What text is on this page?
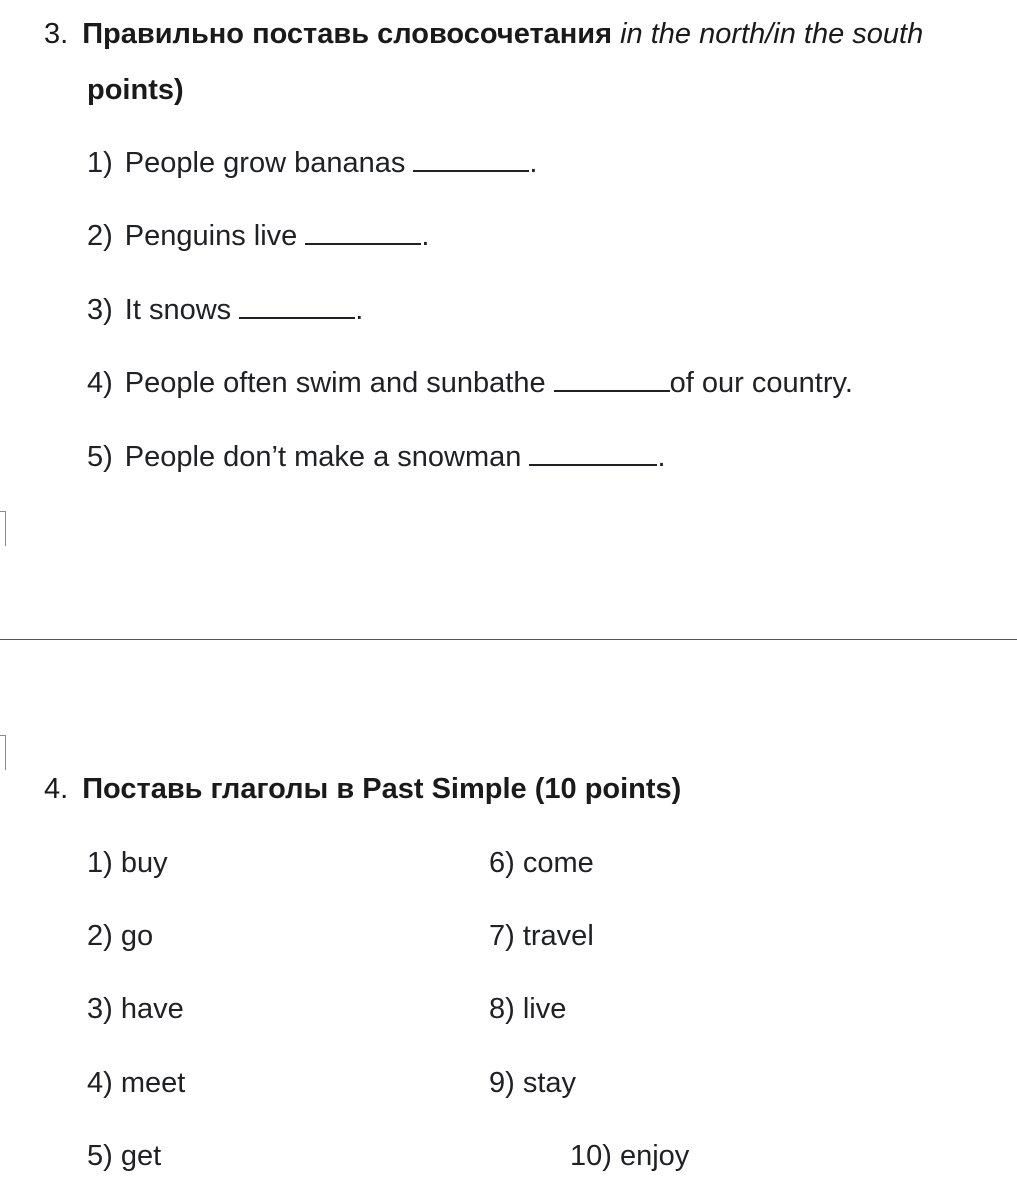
3. Правильно поставь словосочетания in the north/in the south
points)
1) People grow bananas	.
2) Penguins live	.
3) It snows	.
4) People often swim and sunbathe	of our country.
5) People don’t make a snowman	.
4. Поставь глаголы в Past Simple (10 points)
1) buy
2) go
3) have
4) meet
5) get
6) come
7) travel
8) live
9) stay
10) enjoy
